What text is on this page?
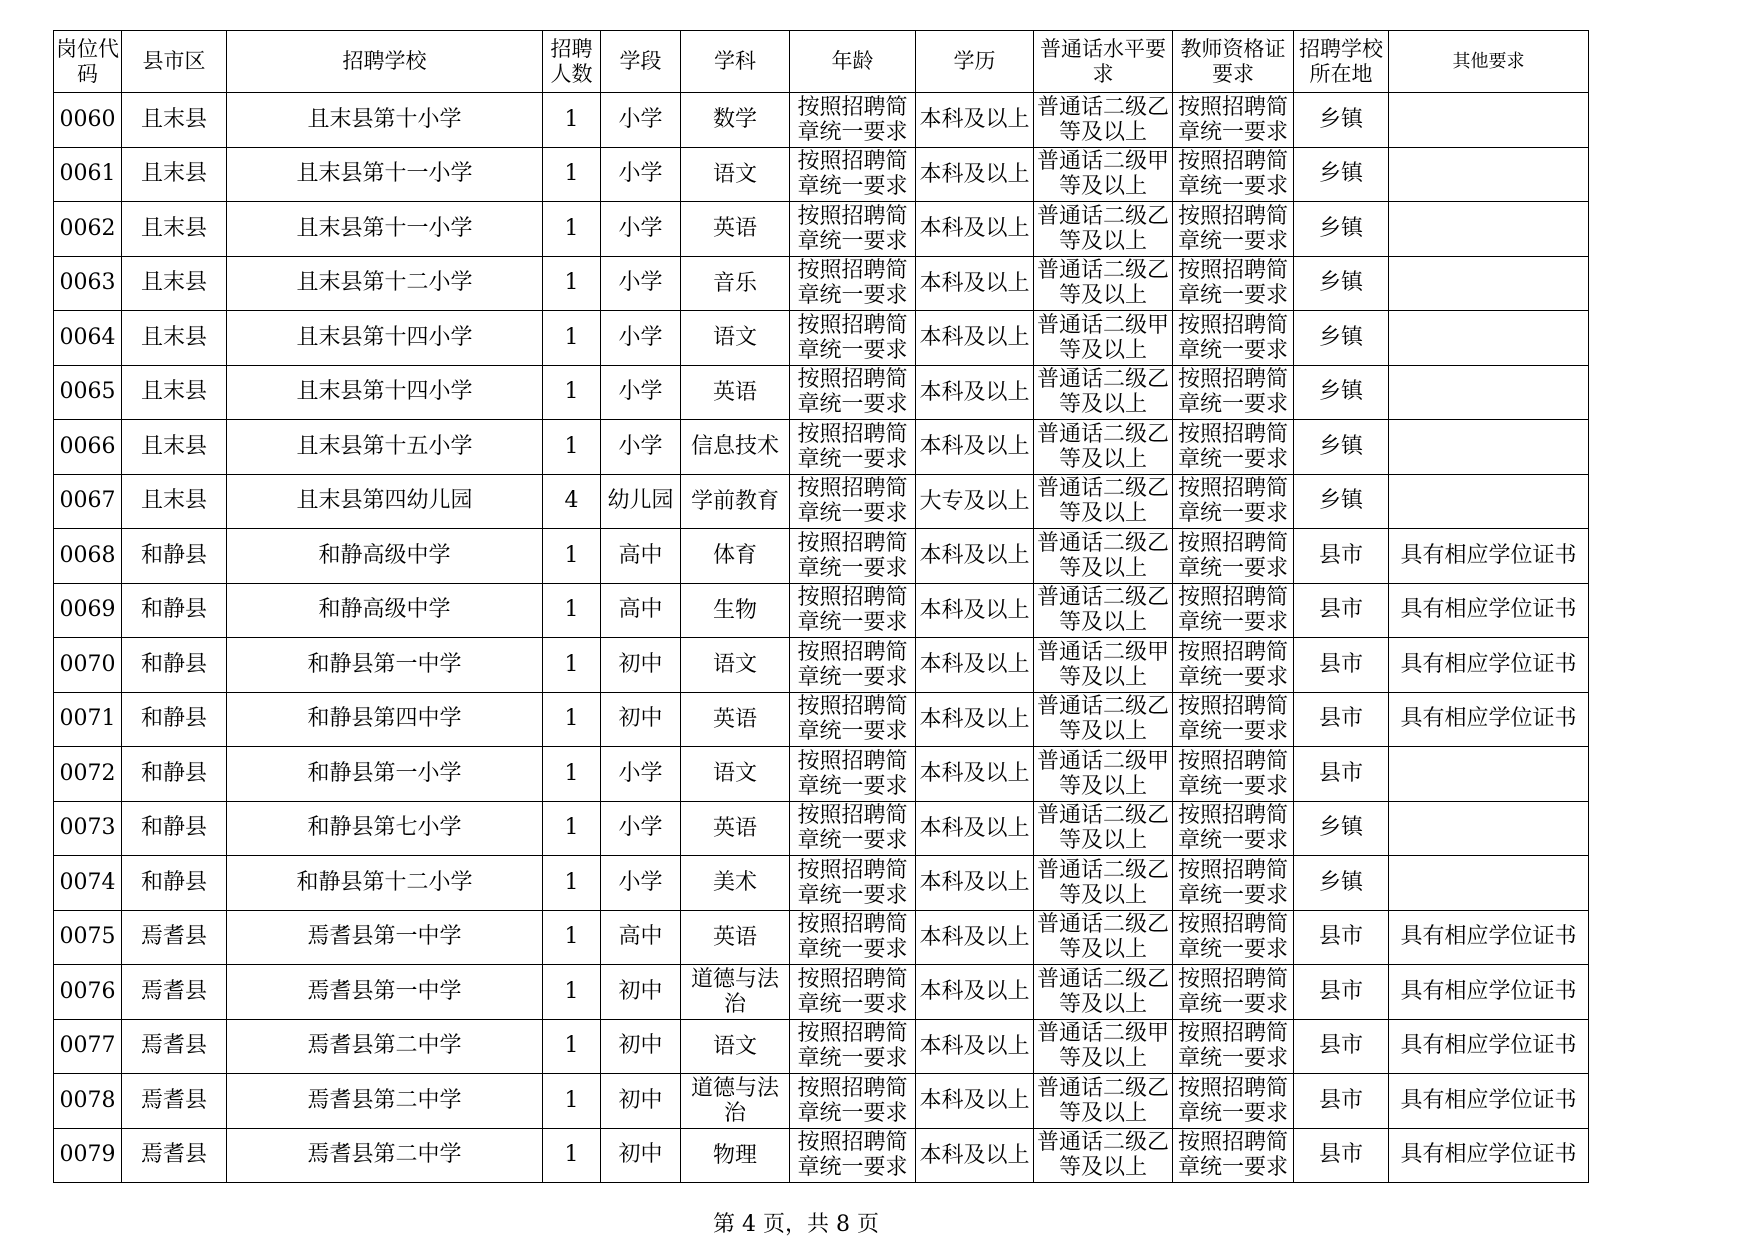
岗位代码	县市区	招聘学校	招聘人数	学段	学科	年龄	学历	普通话水平要求	教师资格证要求	招聘学校所在地	其他要求

0060	且末县	且末县第十小学	1	小学	数学	按照招聘简章统一要求	本科及以上	普通话二级乙等及以上	按照招聘简章统一要求	乡镇	

0061	且末县	且末县第十一小学	1	小学	语文	按照招聘简章统一要求	本科及以上	普通话二级甲等及以上	按照招聘简章统一要求	乡镇	

0062	且末县	且末县第十一小学	1	小学	英语	按照招聘简章统一要求	本科及以上	普通话二级乙等及以上	按照招聘简章统一要求	乡镇	

0063	且末县	且末县第十二小学	1	小学	音乐	按照招聘简章统一要求	本科及以上	普通话二级乙等及以上	按照招聘简章统一要求	乡镇	

0064	且末县	且末县第十四小学	1	小学	语文	按照招聘简章统一要求	本科及以上	普通话二级甲等及以上	按照招聘简章统一要求	乡镇	

0065	且末县	且末县第十四小学	1	小学	英语	按照招聘简章统一要求	本科及以上	普通话二级乙等及以上	按照招聘简章统一要求	乡镇	

0066	且末县	且末县第十五小学	1	小学	信息技术	按照招聘简章统一要求	本科及以上	普通话二级乙等及以上	按照招聘简章统一要求	乡镇	

0067	且末县	且末县第四幼儿园	4	幼儿园	学前教育	按照招聘简章统一要求	大专及以上	普通话二级乙等及以上	按照招聘简章统一要求	乡镇	

0068	和静县	和静高级中学	1	高中	体育	按照招聘简章统一要求	本科及以上	普通话二级乙等及以上	按照招聘简章统一要求	县市	具有相应学位证书

0069	和静县	和静高级中学	1	高中	生物	按照招聘简章统一要求	本科及以上	普通话二级乙等及以上	按照招聘简章统一要求	县市	具有相应学位证书

0070	和静县	和静县第一中学	1	初中	语文	按照招聘简章统一要求	本科及以上	普通话二级甲等及以上	按照招聘简章统一要求	县市	具有相应学位证书

0071	和静县	和静县第四中学	1	初中	英语	按照招聘简章统一要求	本科及以上	普通话二级乙等及以上	按照招聘简章统一要求	县市	具有相应学位证书

0072	和静县	和静县第一小学	1	小学	语文	按照招聘简章统一要求	本科及以上	普通话二级甲等及以上	按照招聘简章统一要求	县市	

0073	和静县	和静县第七小学	1	小学	英语	按照招聘简章统一要求	本科及以上	普通话二级乙等及以上	按照招聘简章统一要求	乡镇	

0074	和静县	和静县第十二小学	1	小学	美术	按照招聘简章统一要求	本科及以上	普通话二级乙等及以上	按照招聘简章统一要求	乡镇	

0075	焉耆县	焉耆县第一中学	1	高中	英语	按照招聘简章统一要求	本科及以上	普通话二级乙等及以上	按照招聘简章统一要求	县市	具有相应学位证书

0076	焉耆县	焉耆县第一中学	1	初中	道德与法治	按照招聘简章统一要求	本科及以上	普通话二级乙等及以上	按照招聘简章统一要求	县市	具有相应学位证书

0077	焉耆县	焉耆县第二中学	1	初中	语文	按照招聘简章统一要求	本科及以上	普通话二级甲等及以上	按照招聘简章统一要求	县市	具有相应学位证书

0078	焉耆县	焉耆县第二中学	1	初中	道德与法治	按照招聘简章统一要求	本科及以上	普通话二级乙等及以上	按照招聘简章统一要求	县市	具有相应学位证书

0079	焉耆县	焉耆县第二中学	1	初中	物理	按照招聘简章统一要求	本科及以上	普通话二级乙等及以上	按照招聘简章统一要求	县市	具有相应学位证书
第 4 页，共 8 页
